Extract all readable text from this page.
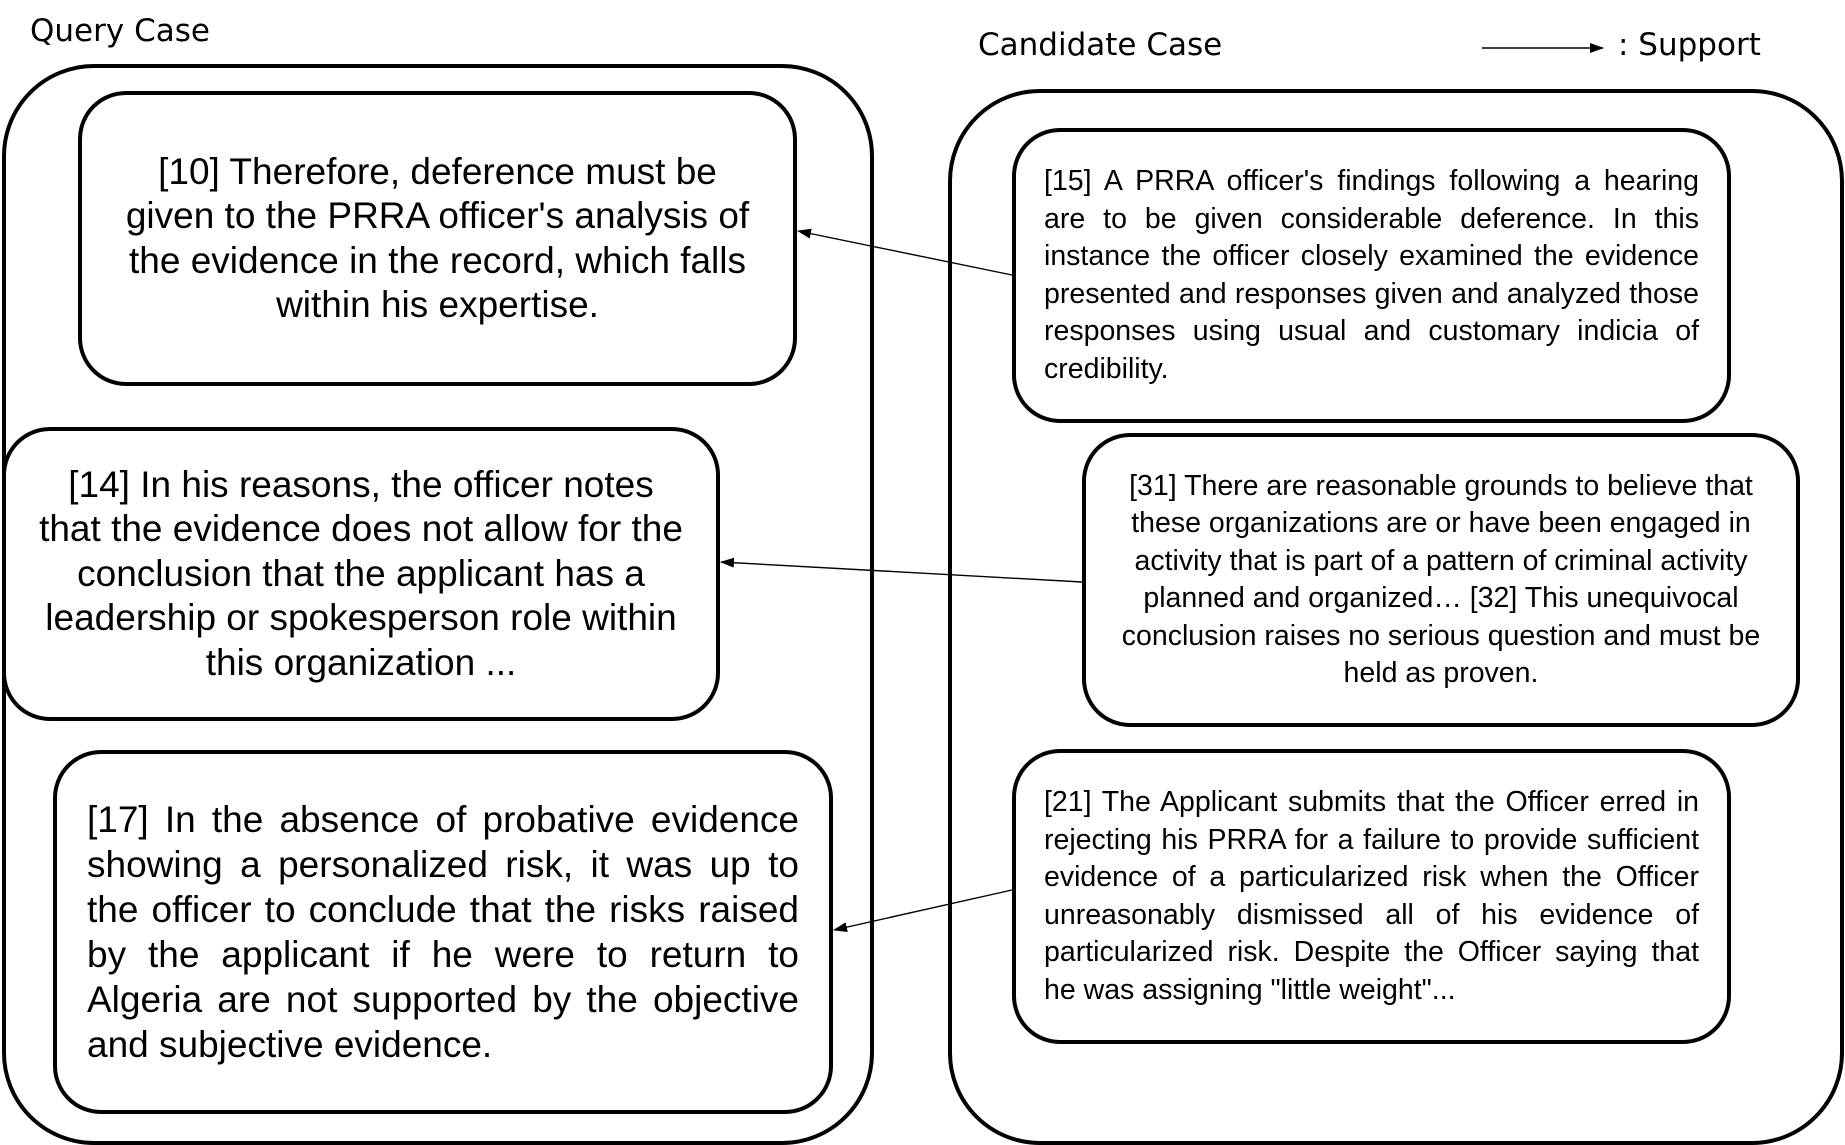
Query Case	Candidate Case	: Support

[10] Therefore, deference must be given to the PRRA officer's analysis of the evidence in the record, which falls within his expertise.

[14] In his reasons, the officer notes that the evidence does not allow for the conclusion that the applicant has a leadership or spokesperson role within this organization ...

[17] In the absence of probative evidence showing a personalized risk, it was up to the officer to conclude that the risks raised by the applicant if he were to return to Algeria are not supported by the objective and subjective evidence.

[15] A PRRA officer's findings following a hearing are to be given considerable deference. In this instance the officer closely examined the evidence presented and responses given and analyzed those responses using usual and customary indicia of credibility.

[31] There are reasonable grounds to believe that these organizations are or have been engaged in activity that is part of a pattern of criminal activity planned and organized… [32] This unequivocal conclusion raises no serious question and must be held as proven.

[21] The Applicant submits that the Officer erred in rejecting his PRRA for a failure to provide sufficient evidence of a particularized risk when the Officer unreasonably dismissed all of his evidence of particularized risk. Despite the Officer saying that he was assigning "little weight"...
